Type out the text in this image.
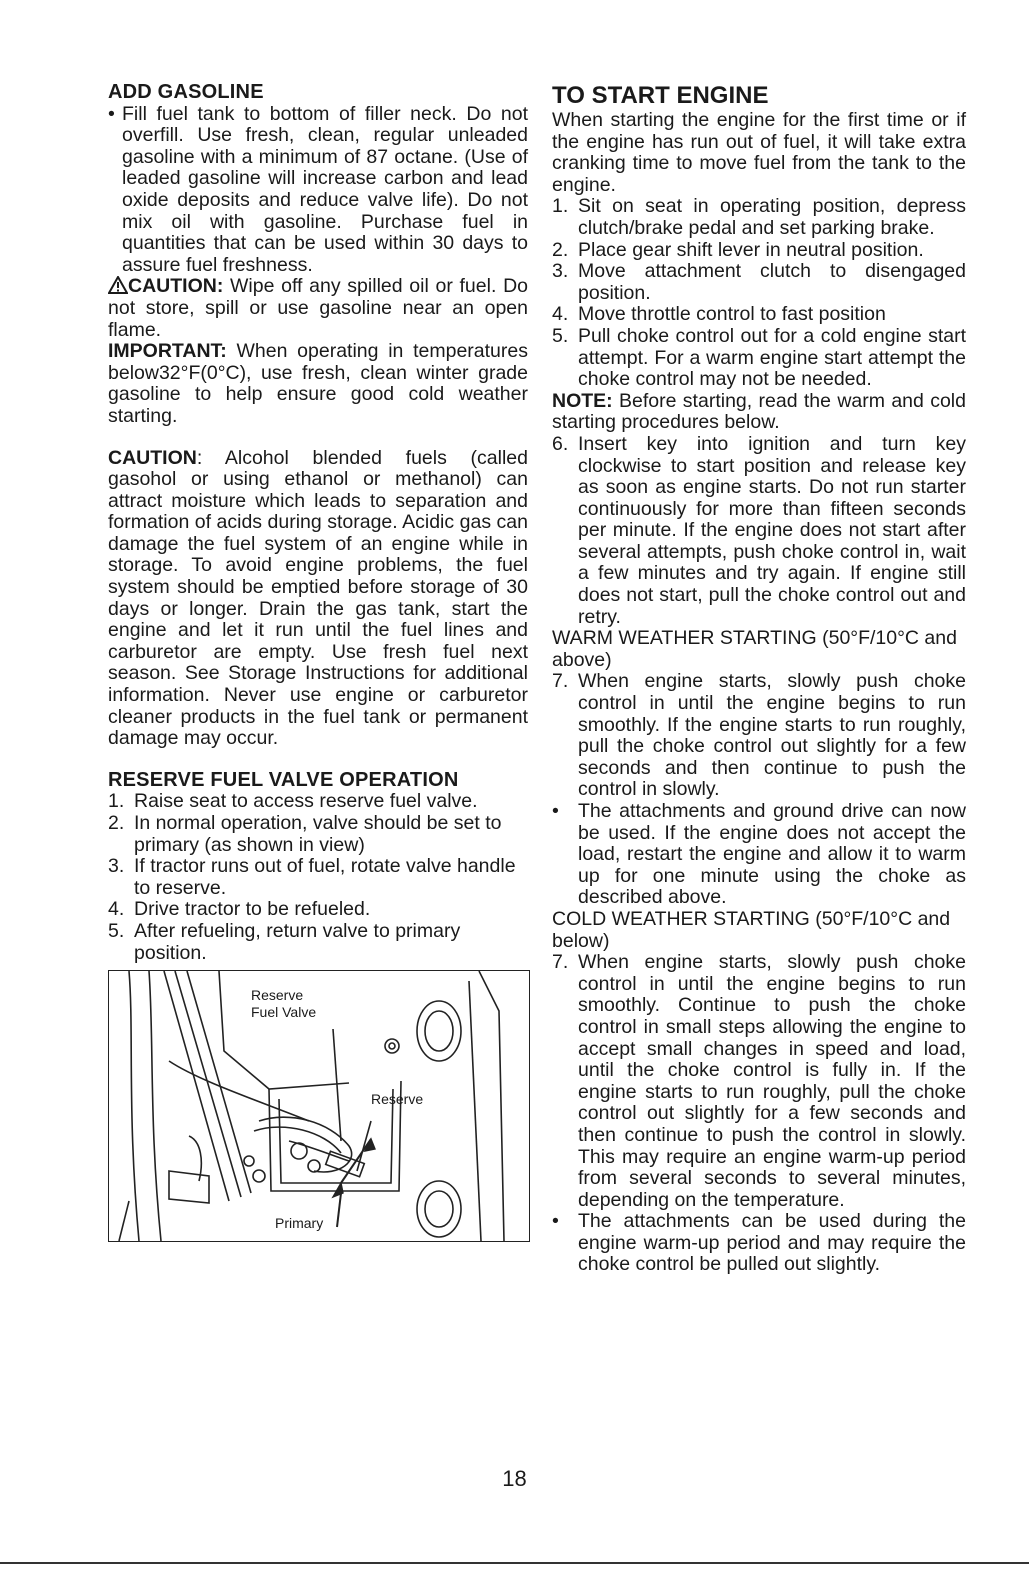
ADD GASOLINE
• Fill fuel tank to bottom of filler neck. Do not overfill. Use fresh, clean, regular unleaded gasoline with a minimum of 87 octane. (Use of leaded gasoline will increase carbon and lead oxide deposits and reduce valve life). Do not mix oil with gasoline. Purchase fuel in quantities that can be used within 30 days to assure fuel freshness.
CAUTION: Wipe off any spilled oil or fuel. Do not store, spill or use gasoline near an open flame.
IMPORTANT: When operating in temperatures below32°F(0°C), use fresh, clean winter grade gasoline to help ensure good cold weather starting.
CAUTION: Alcohol blended fuels (called gasohol or using ethanol or methanol) can attract moisture which leads to separation and formation of acids during storage. Acidic gas can damage the fuel system of an engine while in storage. To avoid engine problems, the fuel system should be emptied before storage of 30 days or longer. Drain the gas tank, start the engine and let it run until the fuel lines and carburetor are empty. Use fresh fuel next season. See Storage Instructions for additional information. Never use engine or carburetor cleaner products in the fuel tank or permanent damage may occur.
RESERVE FUEL VALVE OPERATION
1. Raise seat to access reserve fuel valve.
2. In normal operation, valve should be set to primary (as shown in view)
3. If tractor runs out of fuel, rotate valve handle to reserve.
4. Drive tractor to be refueled.
5. After refueling, return valve to primary position.
Reserve
Fuel Valve
Reserve
Primary
TO START ENGINE
When starting the engine for the first time or if the engine has run out of fuel, it will take extra cranking time to move fuel from the tank to the engine.
1. Sit on seat in operating position, depress clutch/brake pedal and set parking brake.
2. Place gear shift lever in neutral position.
3. Move attachment clutch to disengaged position.
4. Move throttle control to fast position
5. Pull choke control out for a cold engine start attempt. For a warm engine start attempt the choke control may not be needed.
NOTE: Before starting, read the warm and cold starting procedures below.
6. Insert key into ignition and turn key clockwise to start position and release key as soon as engine starts. Do not run starter continuously for more than fifteen seconds per minute. If the engine does not start after several attempts, push choke control in, wait a few minutes and try again. If engine still does not start, pull the choke control out and retry.
WARM WEATHER STARTING (50°F/10°C and above)
7. When engine starts, slowly push choke control in until the engine begins to run smoothly. If the engine starts to run roughly, pull the choke control out slightly for a few seconds and then continue to push the control in slowly.
• The attachments and ground drive can now be used. If the engine does not accept the load, restart the engine and allow it to warm up for one minute using the choke as described above.
COLD WEATHER STARTING (50°F/10°C and below)
7. When engine starts, slowly push choke control in until the engine begins to run smoothly. Continue to push the choke control in small steps allowing the engine to accept small changes in speed and load, until the choke control is fully in. If the engine starts to run roughly, pull the choke control out slightly for a few seconds and then continue to push the control in slowly. This may require an engine warm-up period from several seconds to several minutes, depending on the temperature.
• The attachments can be used during the engine warm-up period and may require the choke control be pulled out slightly.
18
